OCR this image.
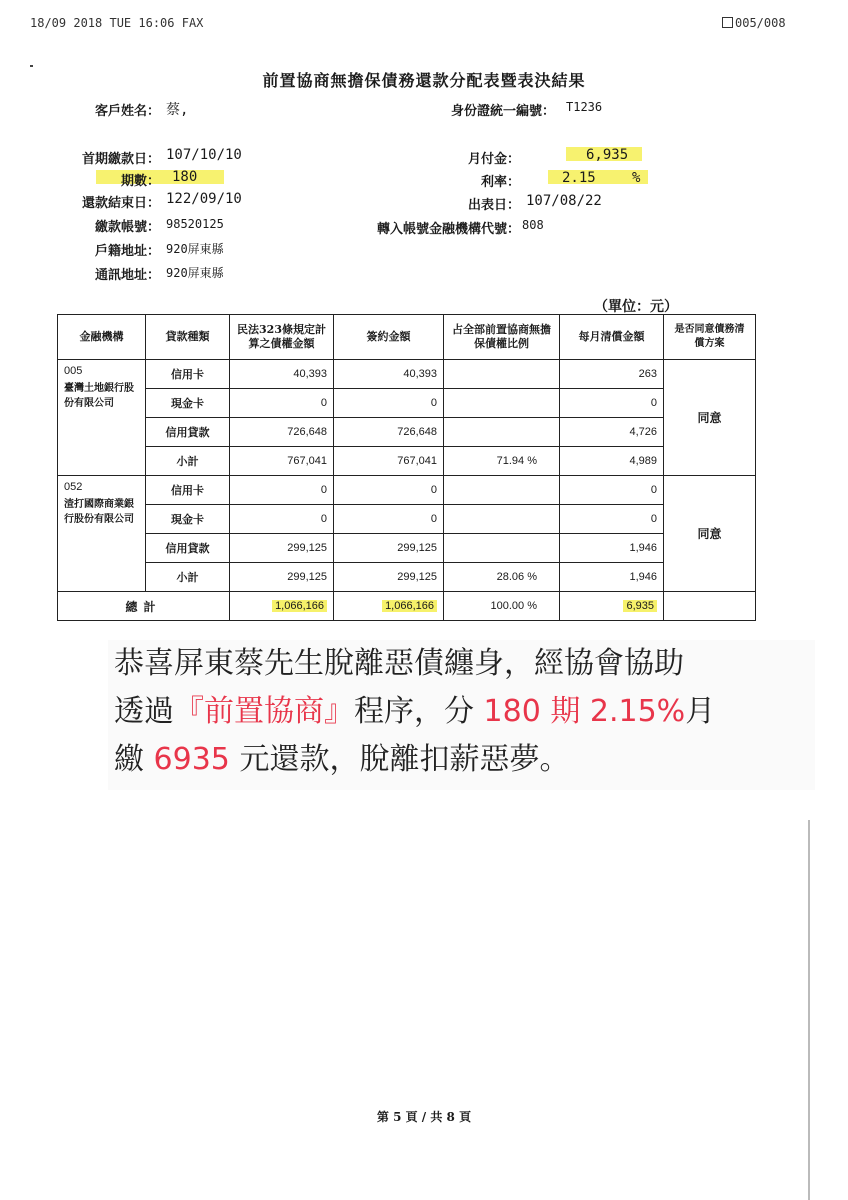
18/09 2018 TUE 16:06 FAX	005/008
前置協商無擔保債務還款分配表暨表決結果
客戶姓名： 蔡,	身份證統一編號： T1236
首期繳款日： 107/10/10
期數： 180
還款結束日： 122/09/10
繳款帳號： 98520125
戶籍地址： 920屏東縣
通訊地址： 920屏東縣
月付金：	6,935
利率：	2.15	%
出表日： 107/08/22
轉入帳號金融機構代號： 808
（單位：元）
金融機構	貸款種類	民法323條規定計算之債權金額	簽約金額	占全部前置協商無擔保債權比例	每月清償金額	是否同意債務清償方案

005
臺灣土地銀行股份有限公司	信用卡	40,393	40,393		263	同意
	現金卡	0	0		0	
	信用貸款	726,648	726,648		4,726	
	小計	767,041	767,041	71.94 %	4,989	

052
渣打國際商業銀行股份有限公司	信用卡	0	0		0	同意
	現金卡	0	0		0	
	信用貸款	299,125	299,125		1,946	
	小計	299,125	299,125	28.06 %	1,946	
總計		1,066,166	1,066,166	100.00 %	6,935	
恭喜屏東蔡先生脫離惡債纏身，經協會協助
透過『前置協商』程序，分 180 期 2.15%月
繳 6935 元還款，脫離扣薪惡夢。
第 5 頁 / 共 8 頁
